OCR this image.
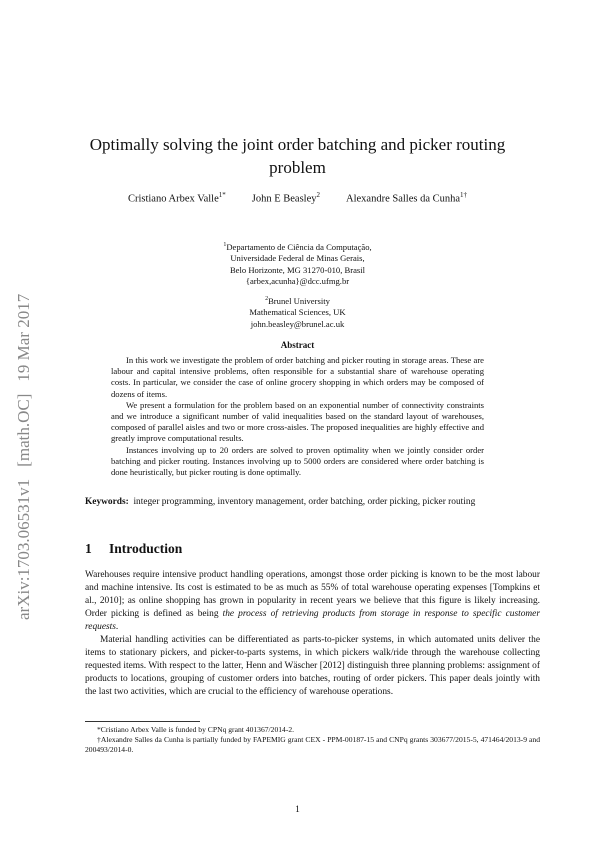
arXiv:1703.06531v1[math.OC]19 Mar 2017
Optimally solving the joint order batching and picker routing
problem
Cristiano Arbex Valle$^{1*}$ John E Beasley$^2$ Alexandre Salles da Cunha$^{1\dagger}$
$^1$Departamento de Ciência da Computação,
Universidade Federal de Minas Gerais,
Belo Horizonte, MG 31270-010, Brasil
{arbex,acunha}@dcc.ufmg.br
$^2$Brunel University
Mathematical Sciences, UK
john.beasley@brunel.ac.uk
Abstract

In this work we investigate the problem of order batching and picker routing in storage areas. These are labour and capital intensive problems, often responsible for a substantial share of warehouse operating costs. In particular, we consider the case of online grocery shopping in which orders may be composed of dozens of items.

We present a formulation for the problem based on an exponential number of connectivity constraints and we introduce a significant number of valid inequalities based on the standard layout of warehouses, composed of parallel aisles and two or more cross-aisles. The proposed inequalities are highly effective and greatly improve computational results.

Instances involving up to 20 orders are solved to proven optimality when we jointly consider order batching and picker routing. Instances involving up to 5000 orders are considered where order batching is done heuristically, but picker routing is done optimally.

Keywords: integer programming, inventory management, order batching, order picking, picker routing
1 Introduction

Warehouses require intensive product handling operations, amongst those order picking is known to be the most labour and machine intensive. Its cost is estimated to be as much as 55% of total warehouse operating expenses [Tompkins et al., 2010]; as online shopping has grown in popularity in recent years we believe that this figure is likely increasing. Order picking is defined as being the process of retrieving products from storage in response to specific customer requests.

Material handling activities can be differentiated as parts-to-picker systems, in which automated units deliver the items to stationary pickers, and picker-to-parts systems, in which pickers walk/ride through the warehouse collecting requested items. With respect to the latter, Henn and Wäscher [2012] distinguish three planning problems: assignment of products to locations, grouping of customer orders into batches, routing of order pickers. This paper deals jointly with the last two activities, which are crucial to the efficiency of warehouse operations.

*Cristiano Arbex Valle is funded by CPNq grant 401367/2014-2.

†Alexandre Salles da Cunha is partially funded by FAPEMIG grant CEX - PPM-00187-15 and CNPq grants 303677/2015-5, 471464/2013-9 and 200493/2014-0.

1
